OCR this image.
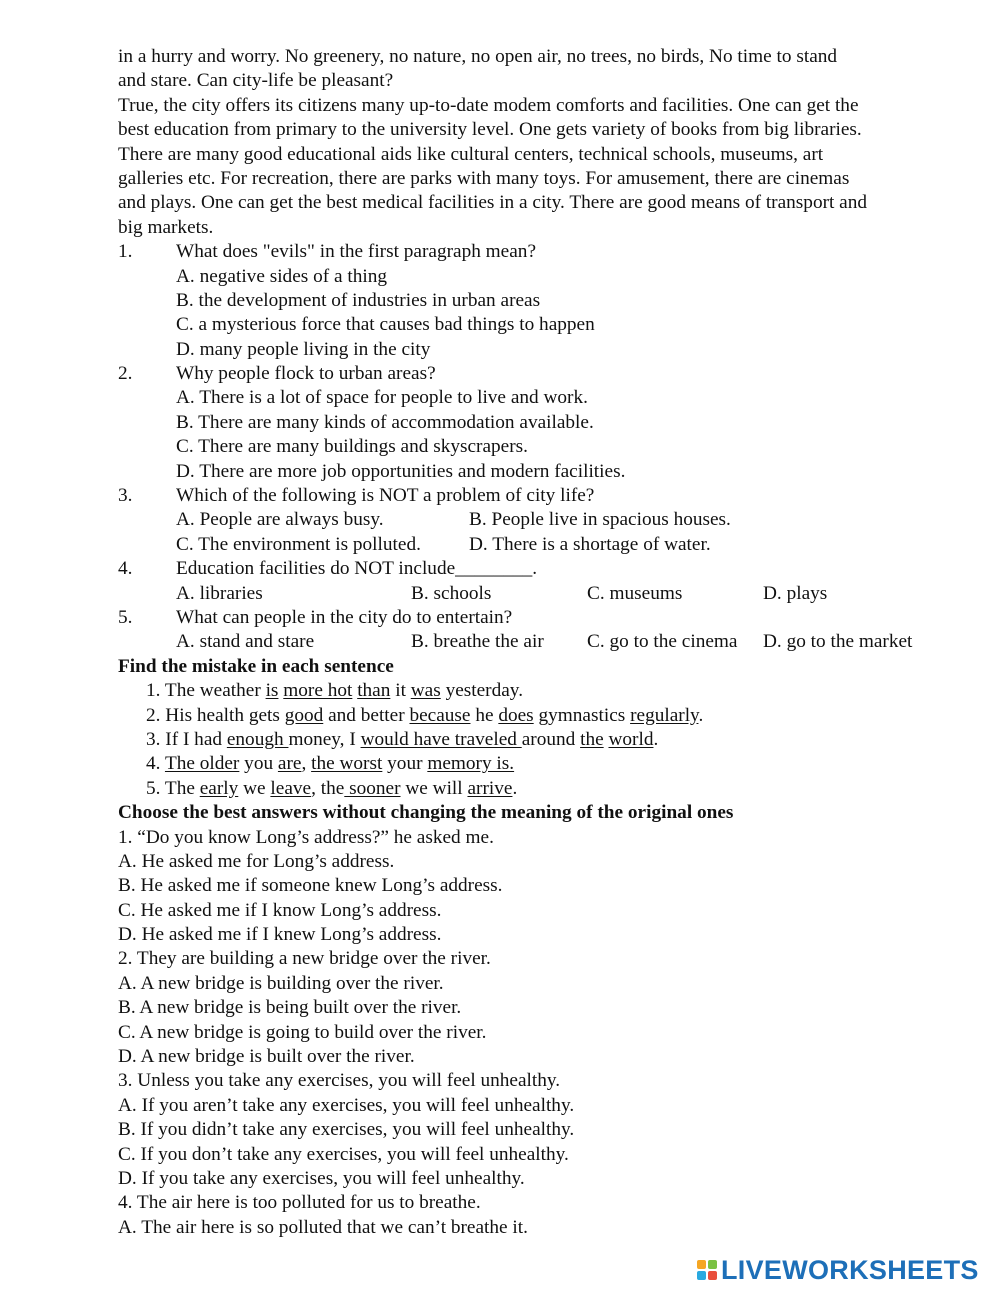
in a hurry and worry. No greenery, no nature, no open air, no trees, no birds, No time to stand
and stare. Can city-life be pleasant?
True, the city offers its citizens many up-to-date modem comforts and facilities. One can get the
best education from primary to the university level. One gets variety of books from big libraries.
There are many good educational aids like cultural centers, technical schools, museums, art
galleries etc. For recreation, there are parks with many toys. For amusement, there are cinemas
and plays. One can get the best medical facilities in a city. There are good means of transport and
big markets.
1. What does "evils" in the first paragraph mean?
A. negative sides of a thing
B. the development of industries in urban areas
C. a mysterious force that causes bad things to happen
D. many people living in the city
2. Why people flock to urban areas?
A. There is a lot of space for people to live and work.
B. There are many kinds of accommodation available.
C. There are many buildings and skyscrapers.
D. There are more job opportunities and modern facilities.
3. Which of the following is NOT a problem of city life?
A. People are always busy.	B. People live in spacious houses.
C. The environment is polluted. D. There is a shortage of water.
4. Education facilities do NOT include________.
A. libraries	B. schools	C. museums	D. plays
5. What can people in the city do to entertain?
A. stand and stare	B. breathe the air C. go to the cinema D. go to the market
Find the mistake in each sentence
1. The weather is more hot than it was yesterday.
2. His health gets good and better because he does gymnastics regularly.
3. If I had enough money, I would have traveled around the world.
4. The older you are, the worst your memory is.
5. The early we leave, the sooner we will arrive.
Choose the best answers without changing the meaning of the original ones
1. “Do you know Long’s address?” he asked me.
A. He asked me for Long’s address.
B. He asked me if someone knew Long’s address.
C. He asked me if I know Long’s address.
D. He asked me if I knew Long’s address.
2. They are building a new bridge over the river.
A. A new bridge is building over the river.
B. A new bridge is being built over the river.
C. A new bridge is going to build over the river.
D. A new bridge is built over the river.
3. Unless you take any exercises, you will feel unhealthy.
A. If you aren’t take any exercises, you will feel unhealthy.
B. If you didn’t take any exercises, you will feel unhealthy.
C. If you don’t take any exercises, you will feel unhealthy.
D. If you take any exercises, you will feel unhealthy.
4. The air here is too polluted for us to breathe.
A. The air here is so polluted that we can’t breathe it.
LIVEWORKSHEETS
